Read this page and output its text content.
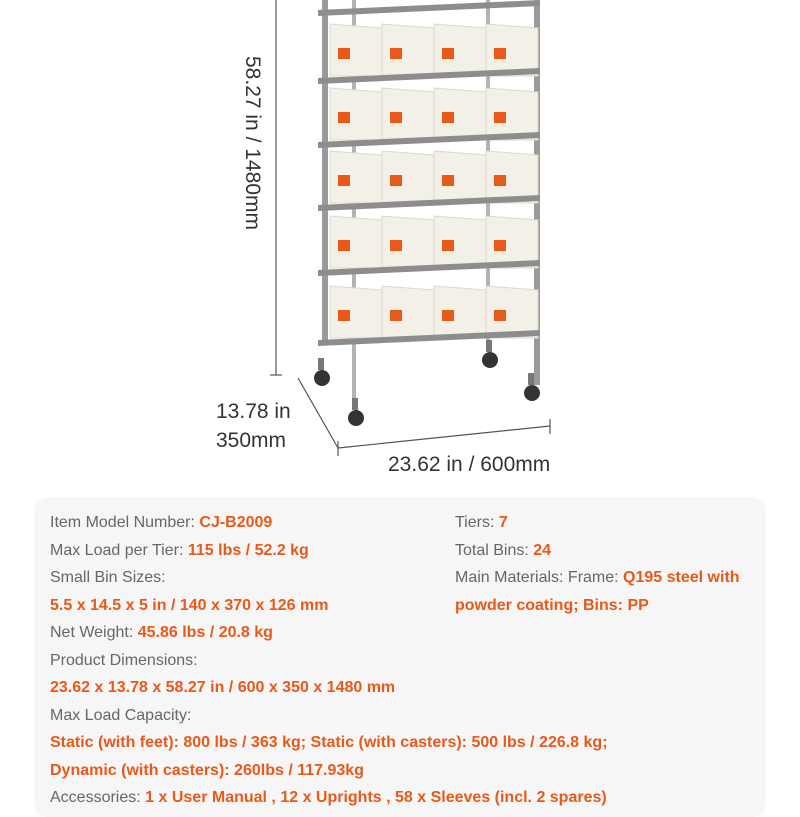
58.27 in / 1480mm
13.78 in
350mm
23.62 in / 600mm
Item Model Number: CJ-B2009
Max Load per Tier: 115 lbs / 52.2 kg
Small Bin Sizes:
5.5 x 14.5 x 5 in / 140 x 370 x 126 mm
Net Weight: 45.86 lbs / 20.8 kg
Product Dimensions:
23.62 x 13.78 x 58.27 in / 600 x 350 x 1480 mm
Max Load Capacity:
Static (with feet): 800 lbs / 363 kg; Static (with casters): 500 lbs / 226.8 kg;
Dynamic (with casters): 260lbs / 117.93kg
Accessories: 1 x User Manual , 12 x Uprights , 58 x Sleeves (incl. 2 spares)
Tiers: 7
Total Bins: 24
Main Materials: Frame: Q195 steel with
powder coating; Bins: PP
